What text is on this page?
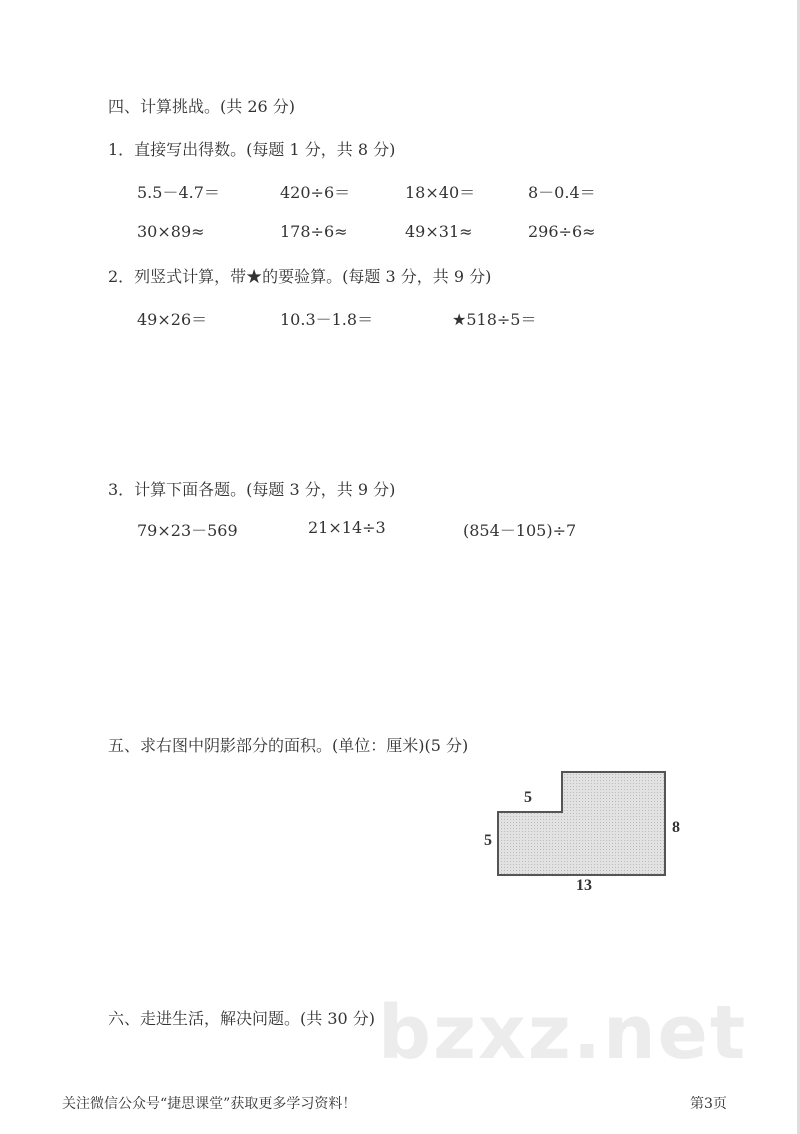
bzxz.net
四、计算挑战。(共 26 分)
1．直接写出得数。(每题 1 分，共 8 分)
5.5－4.7＝	420÷6＝	18×40＝	8－0.4＝
30×89≈	178÷6≈	49×31≈	296÷6≈
2．列竖式计算，带★的要验算。(每题 3 分，共 9 分)
49×26＝	10.3－1.8＝	★518÷5＝
3．计算下面各题。(每题 3 分，共 9 分)
79×23－569	21×14÷3	(854－105)÷7
五、求右图中阴影部分的面积。(单位：厘米)(5 分)
5
5
8
13
六、走进生活，解决问题。(共 30 分)
关注微信公众号“捷思课堂”获取更多学习资料！	第3页
